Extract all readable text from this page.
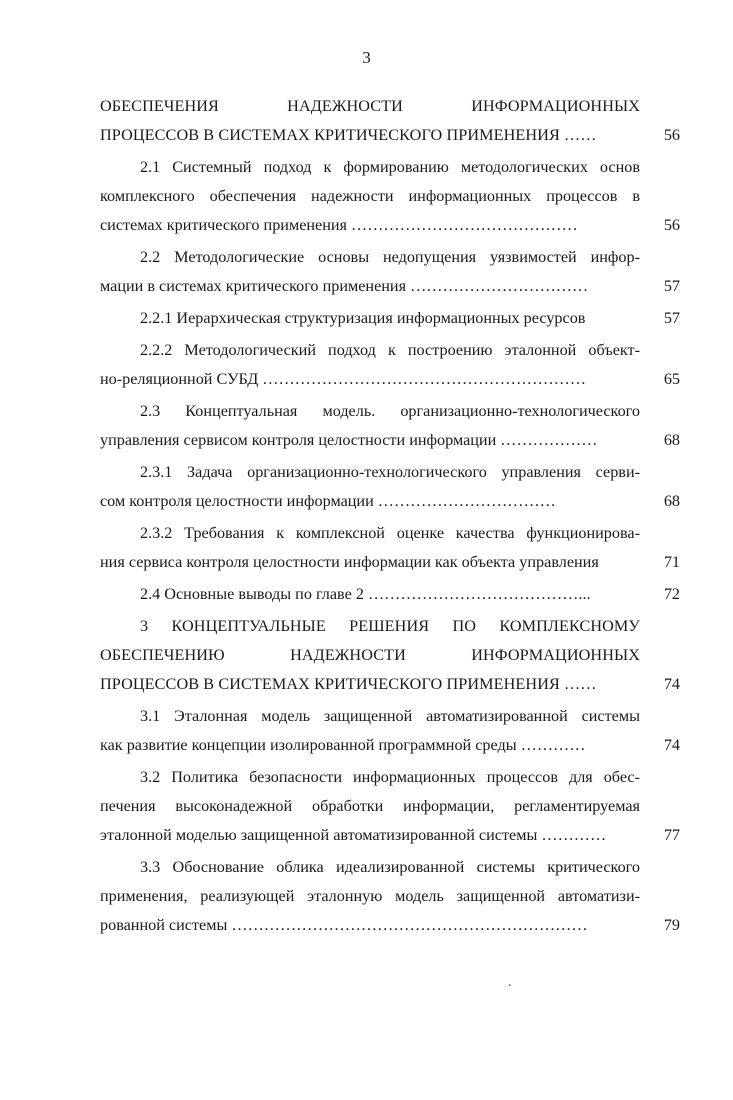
3
ОБЕСПЕЧЕНИЯ НАДЕЖНОСТИ ИНФОРМАЦИОННЫХ
ПРОЦЕССОВ В СИСТЕМАХ КРИТИЧЕСКОГО ПРИМЕНЕНИЯ ……	56
2.1 Системный подход к формированию методологических основ
комплексного обеспечения надежности информационных процессов в
системах критического применения ……………………………………	56
2.2 Методологические основы недопущения уязвимостей инфор-
мации в системах критического применения ……………………………	57
2.2.1 Иерархическая структуризация информационных ресурсов	57
2.2.2 Методологический подход к построению эталонной объект-
но-реляционной СУБД ……………………………………………………	65
2.3 Концептуальная модель. организационно-технологического
управления сервисом контроля целостности информации ………………	68
2.3.1 Задача организационно-технологического управления серви-
сом контроля целостности информации ……………………………	68
2.3.2 Требования к комплексной оценке качества функционирова-
ния сервиса контроля целостности информации как объекта управления	71
2.4 Основные выводы по главе 2 …………………………………...	72
3 КОНЦЕПТУАЛЬНЫЕ РЕШЕНИЯ ПО КОМПЛЕКСНОМУ
ОБЕСПЕЧЕНИЮ НАДЕЖНОСТИ ИНФОРМАЦИОННЫХ
ПРОЦЕССОВ В СИСТЕМАХ КРИТИЧЕСКОГО ПРИМЕНЕНИЯ ……	74
3.1 Эталонная модель защищенной автоматизированной системы
как развитие концепции изолированной программной среды …………	74
3.2 Политика безопасности информационных процессов для обес-
печения высоконадежной обработки информации, регламентируемая
эталонной моделью защищенной автоматизированной системы …………	77
3.3 Обоснование облика идеализированной системы критического
применения, реализующей эталонную модель защищенной автоматизи-
рованной системы …………………………………………………………	79
.
